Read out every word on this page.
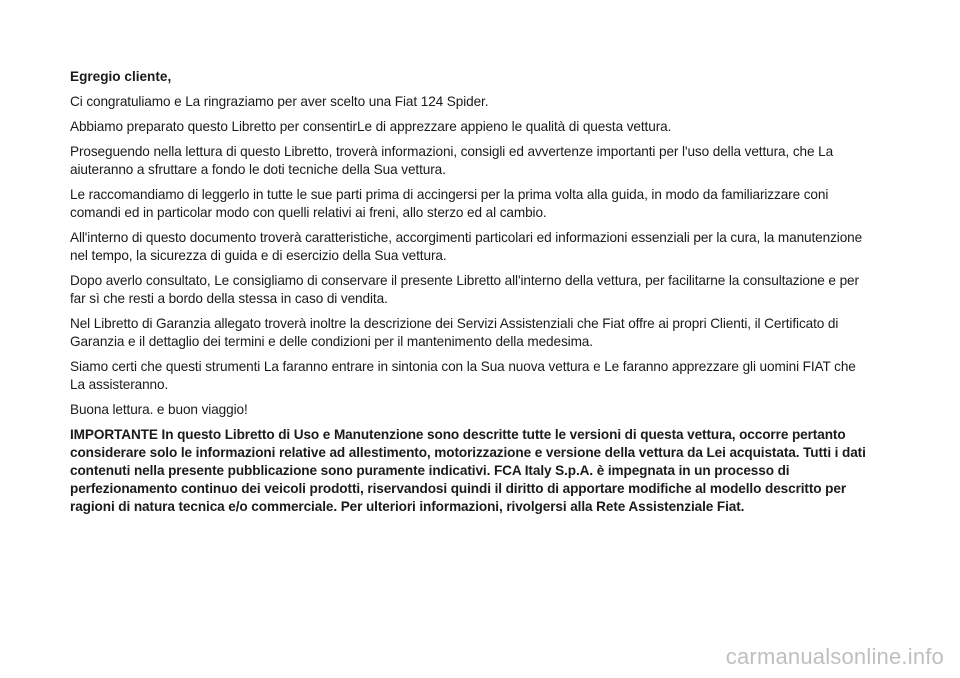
Egregio cliente,

Ci congratuliamo e La ringraziamo per aver scelto una Fiat 124 Spider.

Abbiamo preparato questo Libretto per consentirLe di apprezzare appieno le qualità di questa vettura.

Proseguendo nella lettura di questo Libretto, troverà informazioni, consigli ed avvertenze importanti per l'uso della vettura, che La aiuteranno a sfruttare a fondo le doti tecniche della Sua vettura.

Le raccomandiamo di leggerlo in tutte le sue parti prima di accingersi per la prima volta alla guida, in modo da familiarizzare coni comandi ed in particolar modo con quelli relativi ai freni, allo sterzo ed al cambio.

All'interno di questo documento troverà caratteristiche, accorgimenti particolari ed informazioni essenziali per la cura, la manutenzione nel tempo, la sicurezza di guida e di esercizio della Sua vettura.

Dopo averlo consultato, Le consigliamo di conservare il presente Libretto all'interno della vettura, per facilitarne la consultazione e per far sì che resti a bordo della stessa in caso di vendita.

Nel Libretto di Garanzia allegato troverà inoltre la descrizione dei Servizi Assistenziali che Fiat offre ai propri Clienti, il Certificato di Garanzia e il dettaglio dei termini e delle condizioni per il mantenimento della medesima.

Siamo certi che questi strumenti La faranno entrare in sintonia con la Sua nuova vettura e Le faranno apprezzare gli uomini FIAT che La assisteranno.

Buona lettura. e buon viaggio!

IMPORTANTE In questo Libretto di Uso e Manutenzione sono descritte tutte le versioni di questa vettura, occorre pertanto considerare solo le informazioni relative ad allestimento, motorizzazione e versione della vettura da Lei acquistata. Tutti i dati contenuti nella presente pubblicazione sono puramente indicativi. FCA Italy S.p.A. è impegnata in un processo di perfezionamento continuo dei veicoli prodotti, riservandosi quindi il diritto di apportare modifiche al modello descritto per ragioni di natura tecnica e/o commerciale. Per ulteriori informazioni, rivolgersi alla Rete Assistenziale Fiat.

carmanualsonline.info
